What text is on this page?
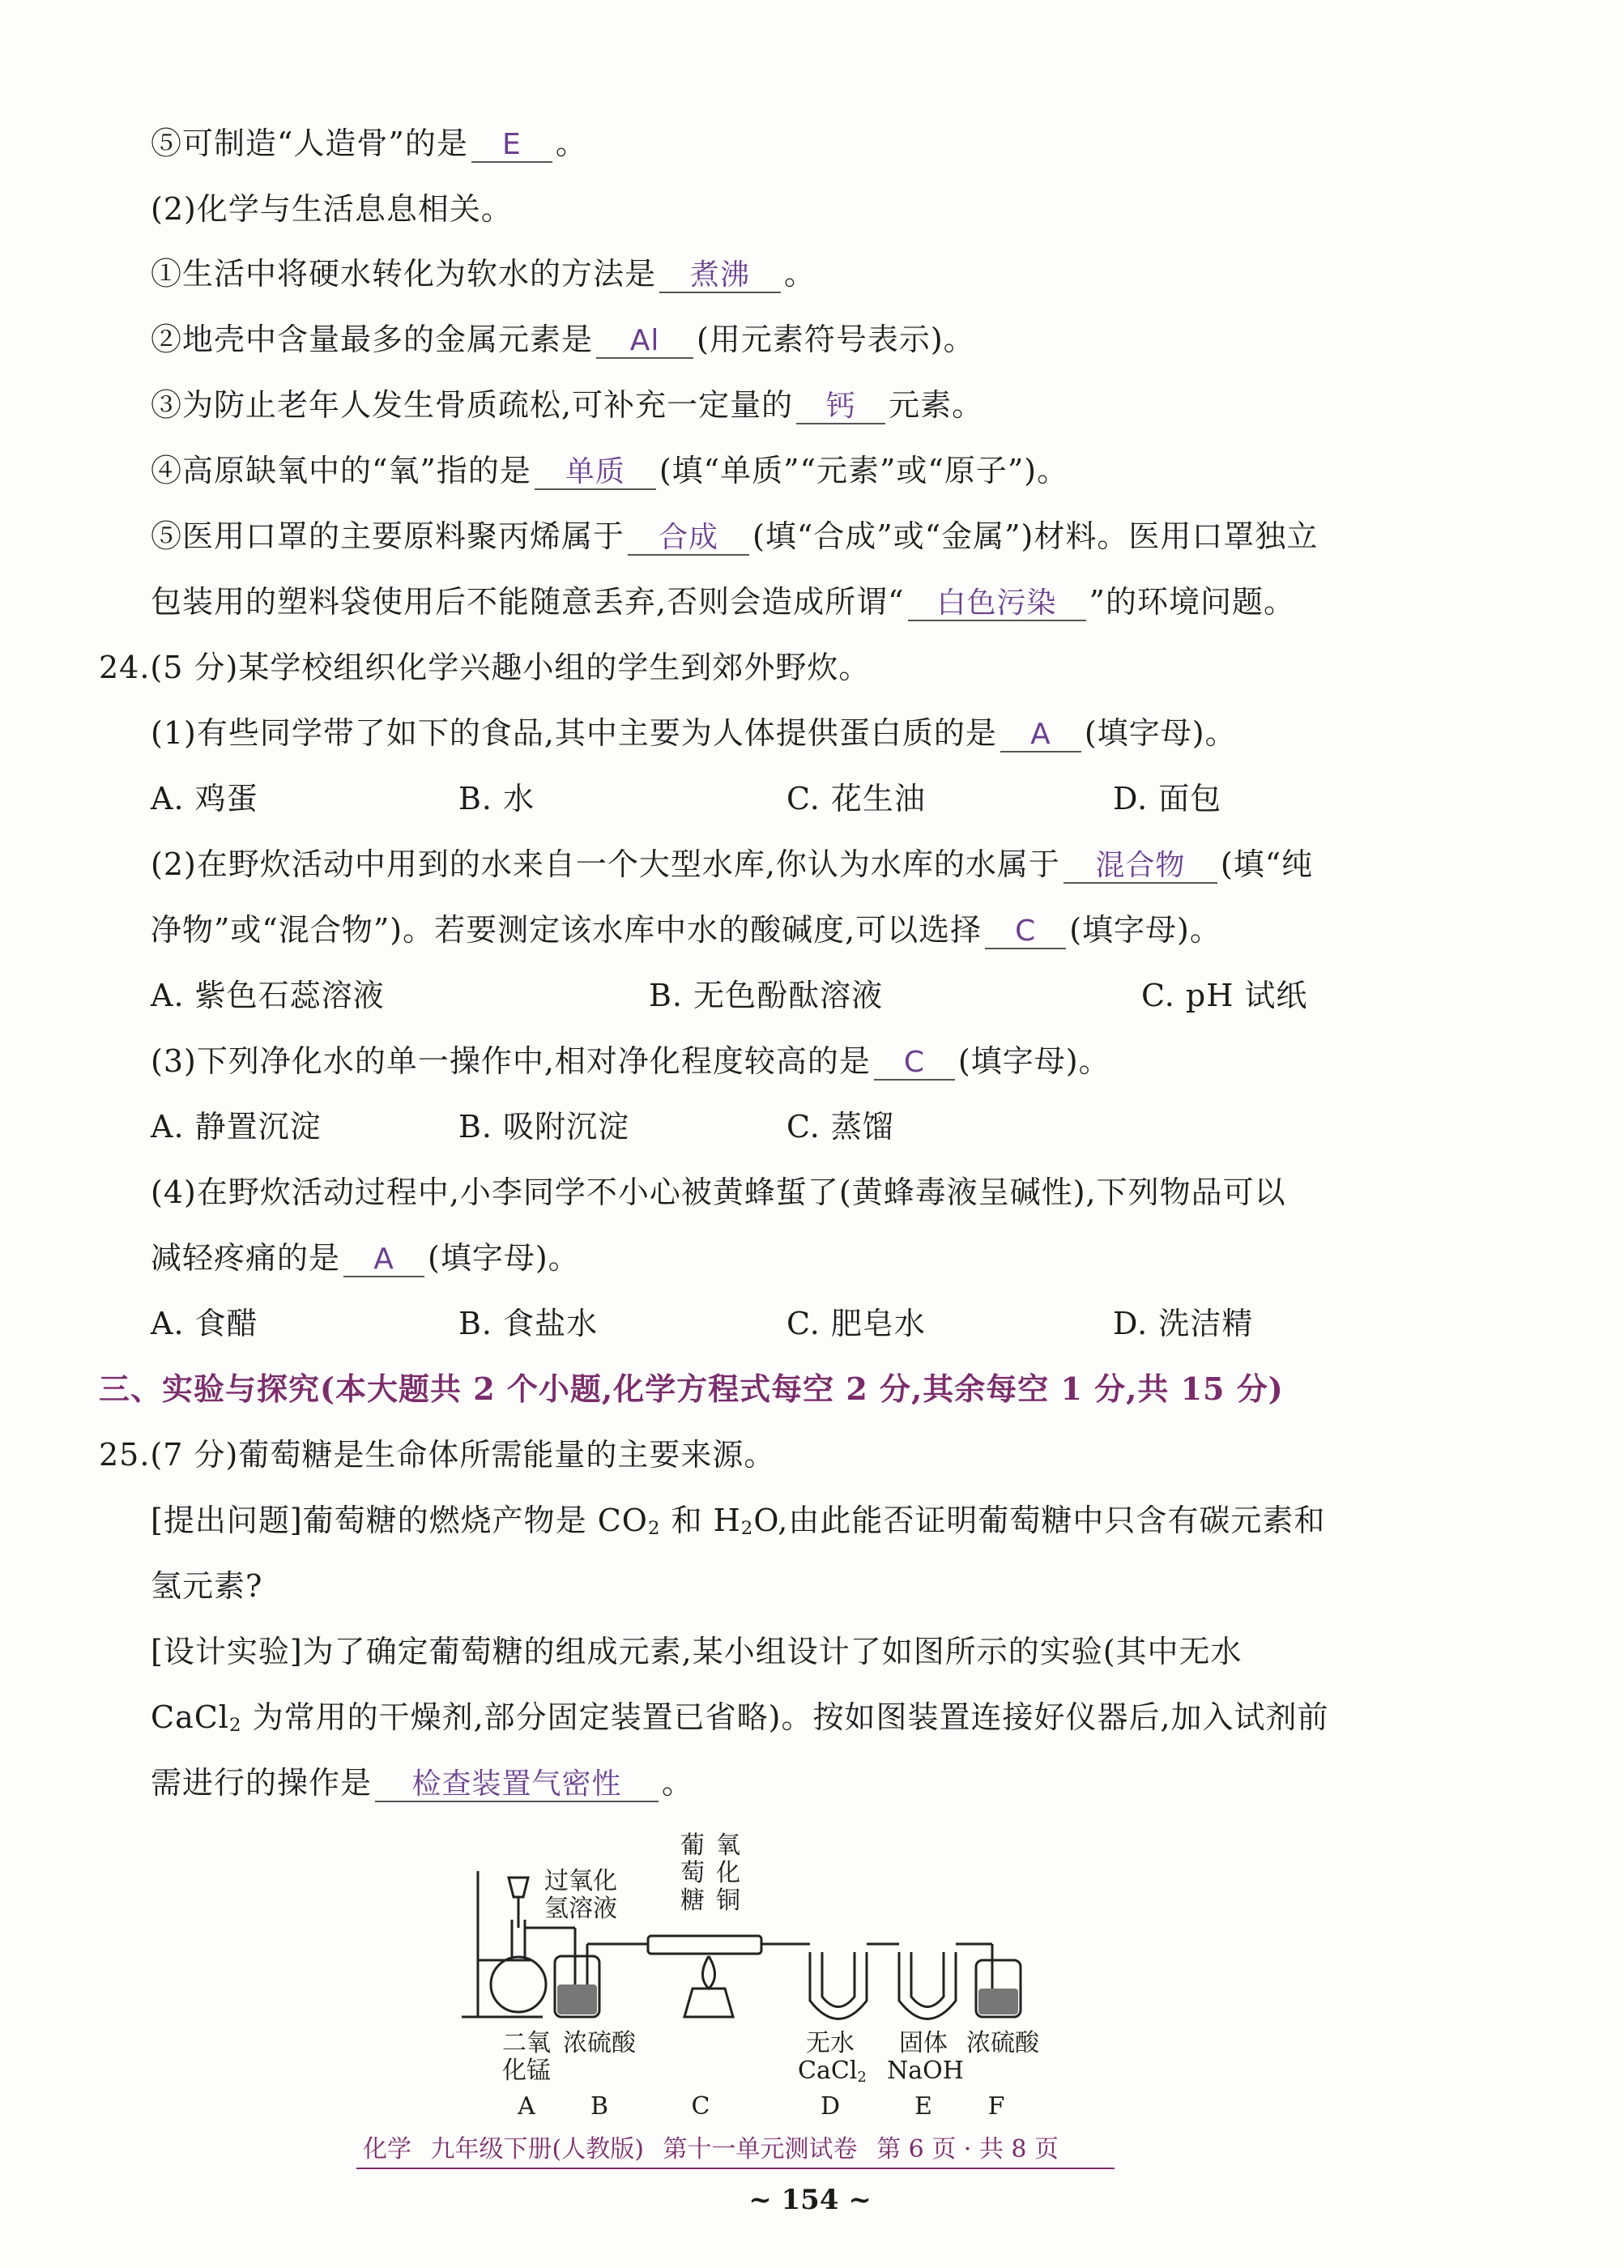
⑤可制造“人造骨”的是 E 。
(2)化学与生活息息相关。
①生活中将硬水转化为软水的方法是 煮沸 。
②地壳中含量最多的金属元素是 Al (用元素符号表示)。
③为防止老年人发生骨质疏松,可补充一定量的 钙 元素。
④高原缺氧中的“氧”指的是 单质 (填“单质”“元素”或“原子”)。
⑤医用口罩的主要原料聚丙烯属于 合成 (填“合成”或“金属”)材料。医用口罩独立
包装用的塑料袋使用后不能随意丢弃,否则会造成所谓“ 白色污染 ”的环境问题。
24.(5 分)某学校组织化学兴趣小组的学生到郊外野炊。
(1)有些同学带了如下的食品,其中主要为人体提供蛋白质的是 A (填字母)。
A. 鸡蛋	B. 水	C. 花生油	D. 面包
(2)在野炊活动中用到的水来自一个大型水库,你认为水库的水属于 混合物 (填“纯
净物”或“混合物”)。若要测定该水库中水的酸碱度,可以选择 C (填字母)。
A. 紫色石蕊溶液	B. 无色酚酞溶液	C. pH 试纸
(3)下列净化水的单一操作中,相对净化程度较高的是 C (填字母)。
A. 静置沉淀	B. 吸附沉淀	C. 蒸馏
(4)在野炊活动过程中,小李同学不小心被黄蜂蜇了(黄蜂毒液呈碱性),下列物品可以
减轻疼痛的是 A (填字母)。
A. 食醋	B. 食盐水	C. 肥皂水	D. 洗洁精
三、实验与探究(本大题共 2 个小题,化学方程式每空 2 分,其余每空 1 分,共 15 分)
25.(7 分)葡萄糖是生命体所需能量的主要来源。
[提出问题]葡萄糖的燃烧产物是 $CO_2$ 和 $H_2O$,由此能否证明葡萄糖中只含有碳元素和
氢元素?
[设计实验]为了确定葡萄糖的组成元素,某小组设计了如图所示的实验(其中无水
CaCl$_2$ 为常用的干燥剂,部分固定装置已省略)。按如图装置连接好仪器后,加入试剂前
需进行的操作是 检查装置气密性 。
过氧化
氢溶液
葡
萄
糖
氧
化
铜
二氧
化锰
浓硫酸	无水
CaCl$_2$
固体
NaOH
浓硫酸
A B	C	D	E F
化学 九年级下册(人教版) 第十一单元测试卷 第 6 页 · 共 8 页
~ 154 ~
